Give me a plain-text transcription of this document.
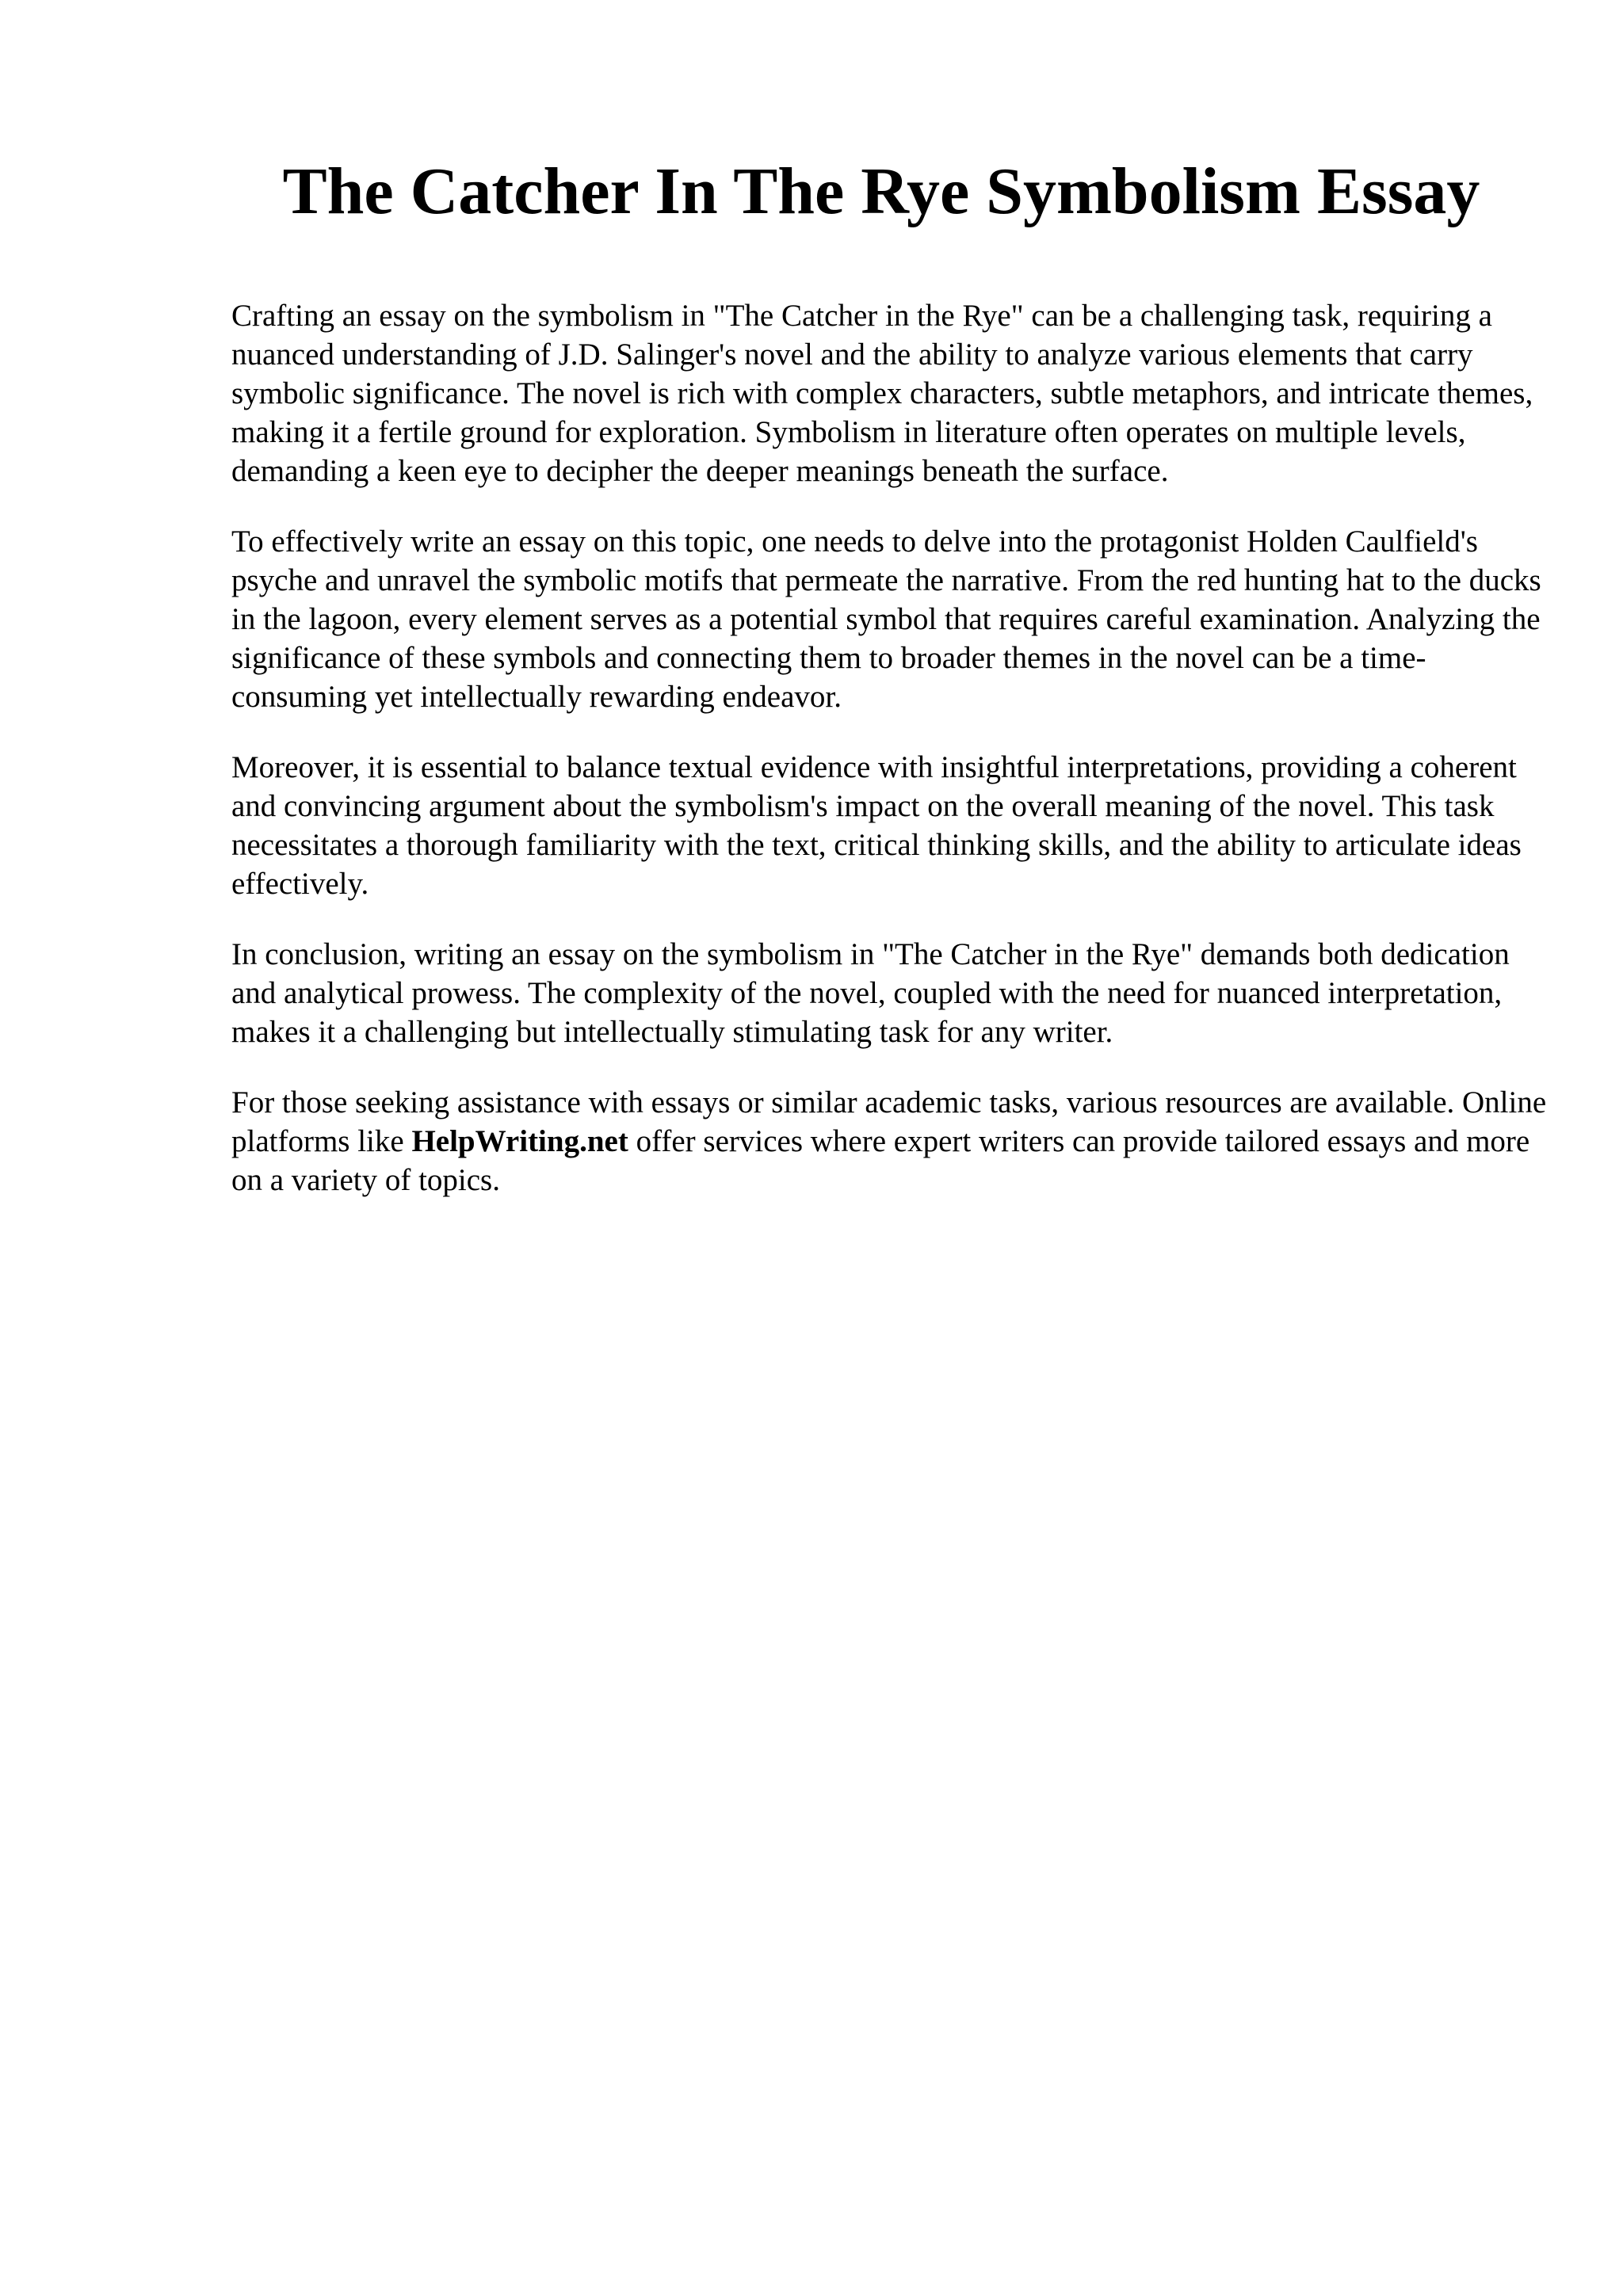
The Catcher In The Rye Symbolism Essay

Crafting an essay on the symbolism in "The Catcher in the Rye" can be a challenging task, requiring a nuanced understanding of J.D. Salinger's novel and the ability to analyze various elements that carry symbolic significance. The novel is rich with complex characters, subtle metaphors, and intricate themes, making it a fertile ground for exploration. Symbolism in literature often operates on multiple levels, demanding a keen eye to decipher the deeper meanings beneath the surface.

To effectively write an essay on this topic, one needs to delve into the protagonist Holden Caulfield's psyche and unravel the symbolic motifs that permeate the narrative. From the red hunting hat to the ducks in the lagoon, every element serves as a potential symbol that requires careful examination. Analyzing the significance of these symbols and connecting them to broader themes in the novel can be a time-consuming yet intellectually rewarding endeavor.

Moreover, it is essential to balance textual evidence with insightful interpretations, providing a coherent and convincing argument about the symbolism's impact on the overall meaning of the novel. This task necessitates a thorough familiarity with the text, critical thinking skills, and the ability to articulate ideas effectively.

In conclusion, writing an essay on the symbolism in "The Catcher in the Rye" demands both dedication and analytical prowess. The complexity of the novel, coupled with the need for nuanced interpretation, makes it a challenging but intellectually stimulating task for any writer.

For those seeking assistance with essays or similar academic tasks, various resources are available. Online platforms like HelpWriting.net offer services where expert writers can provide tailored essays and more on a variety of topics.
